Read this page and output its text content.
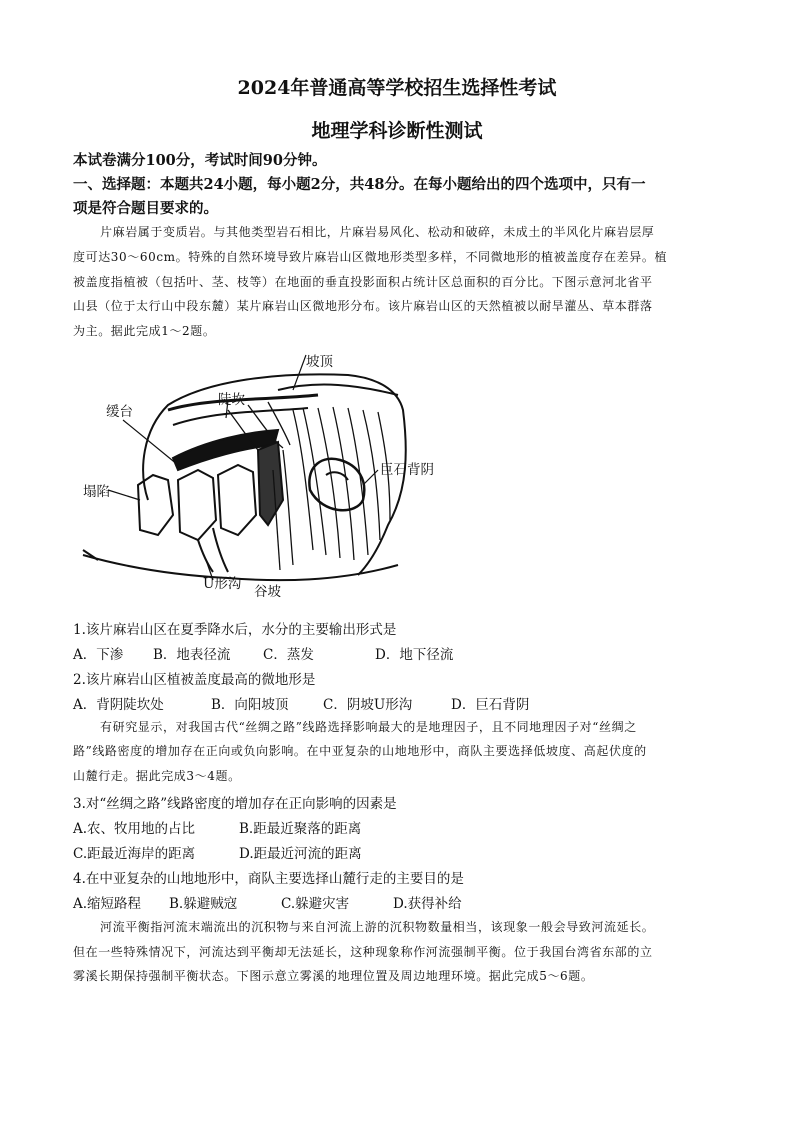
2024年普通高等学校招生选择性考试
地理学科诊断性测试
本试卷满分100分，考试时间90分钟。
一、选择题：本题共24小题，每小题2分，共48分。在每小题给出的四个选项中，只有一
项是符合题目要求的。
片麻岩属于变质岩。与其他类型岩石相比，片麻岩易风化、松动和破碎，未成土的半风化片麻岩层厚
度可达30～60cm。特殊的自然环境导致片麻岩山区微地形类型多样，不同微地形的植被盖度存在差异。植
被盖度指植被（包括叶、茎、枝等）在地面的垂直投影面积占统计区总面积的百分比。下图示意河北省平
山县（位于太行山中段东麓）某片麻岩山区微地形分布。该片麻岩山区的天然植被以耐旱灌丛、草本群落
为主。据此完成1～2题。
坡顶
陡坎
缓台
巨石背阴
塌陷
U形沟 谷坡
1.该片麻岩山区在夏季降水后，水分的主要输出形式是
A．下渗 B．地表径流 C．蒸发	D．地下径流
2.该片麻岩山区植被盖度最高的微地形是
A．背阴陡坎处	B．向阳坡顶	C．阴坡U形沟	D．巨石背阴
有研究显示，对我国古代“丝绸之路”线路选择影响最大的是地理因子，且不同地理因子对“丝绸之
路”线路密度的增加存在正向或负向影响。在中亚复杂的山地地形中，商队主要选择低坡度、高起伏度的
山麓行走。据此完成3～4题。
3.对“丝绸之路”线路密度的增加存在正向影响的因素是
A.农、牧用地的占比	B.距最近聚落的距离
C.距最近海岸的距离	D.距最近河流的距离
4.在中亚复杂的山地地形中，商队主要选择山麓行走的主要目的是
A.缩短路程 B.躲避贼寇	C.躲避灾害	D.获得补给
河流平衡指河流末端流出的沉积物与来自河流上游的沉积物数量相当，该现象一般会导致河流延长。
但在一些特殊情况下，河流达到平衡却无法延长，这种现象称作河流强制平衡。位于我国台湾省东部的立
雾溪长期保持强制平衡状态。下图示意立雾溪的地理位置及周边地理环境。据此完成5～6题。
